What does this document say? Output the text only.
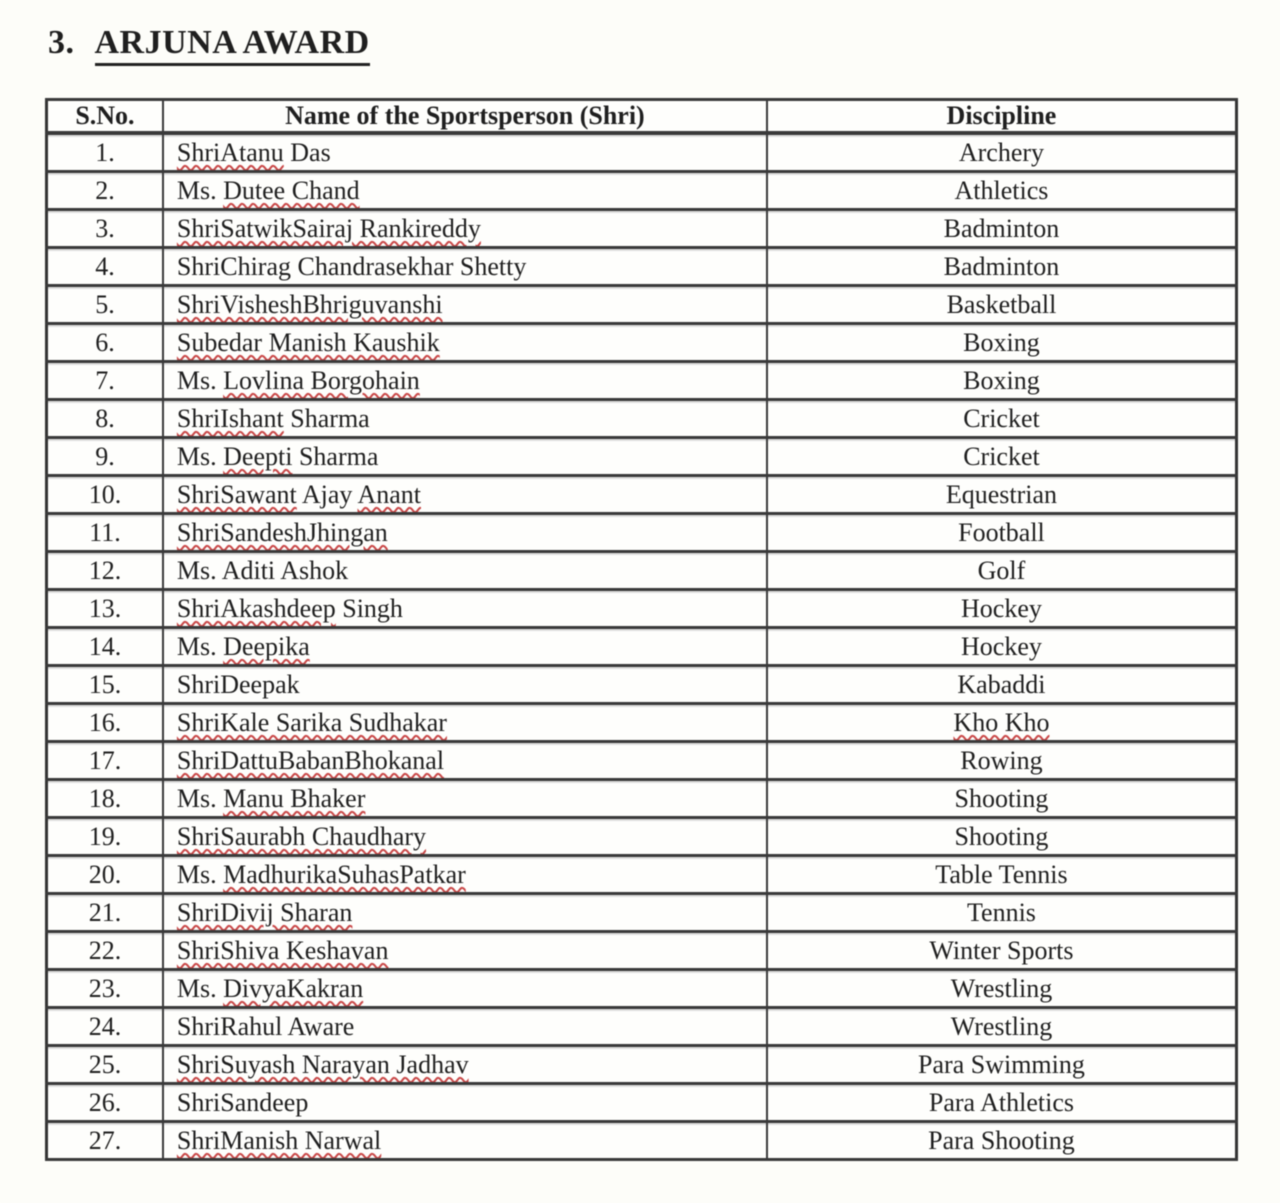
3. ARJUNA AWARD
S.No.	Name of the Sportsperson (Shri)	Discipline
1.	ShriAtanu Das	Archery
2.	Ms. Dutee Chand	Athletics
3.	ShriSatwikSairaj Rankireddy	Badminton
4.	ShriChirag Chandrasekhar Shetty	Badminton
5.	ShriVisheshBhriguvanshi	Basketball
6.	Subedar Manish Kaushik	Boxing
7.	Ms. Lovlina Borgohain	Boxing
8.	ShriIshant Sharma	Cricket
9.	Ms. Deepti Sharma	Cricket
10.	ShriSawant Ajay Anant	Equestrian
11.	ShriSandeshJhingan	Football
12.	Ms. Aditi Ashok	Golf
13.	ShriAkashdeep Singh	Hockey
14.	Ms. Deepika	Hockey
15.	ShriDeepak	Kabaddi
16.	ShriKale Sarika Sudhakar	Kho Kho
17.	ShriDattuBabanBhokanal	Rowing
18.	Ms. Manu Bhaker	Shooting
19.	ShriSaurabh Chaudhary	Shooting
20.	Ms. MadhurikaSuhasPatkar	Table Tennis
21.	ShriDivij Sharan	Tennis
22.	ShriShiva Keshavan	Winter Sports
23.	Ms. DivyaKakran	Wrestling
24.	ShriRahul Aware	Wrestling
25.	ShriSuyash Narayan Jadhav	Para Swimming
26.	ShriSandeep	Para Athletics
27.	ShriManish Narwal	Para Shooting
